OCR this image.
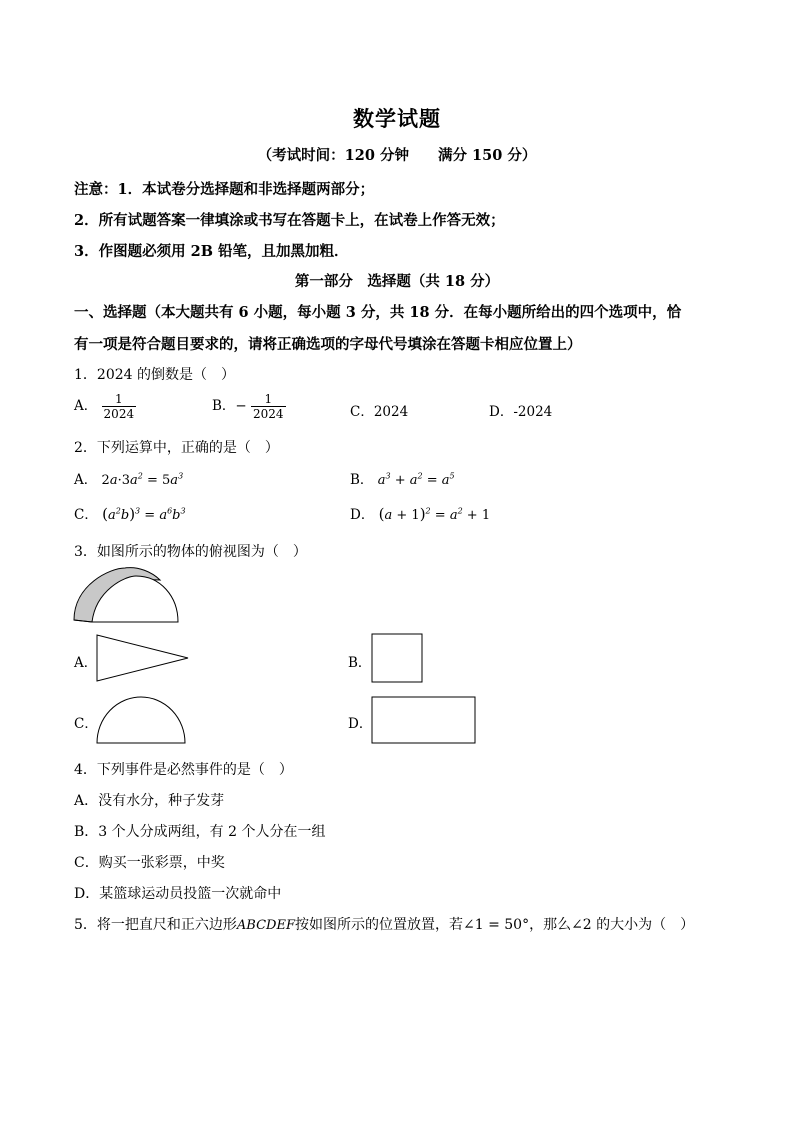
数学试题
（考试时间：120 分钟　　满分 150 分）
注意：1．本试卷分选择题和非选择题两部分；
2．所有试题答案一律填涂或书写在答题卡上，在试卷上作答无效；
3．作图题必须用 2B 铅笔，且加黑加粗．
第一部分　选择题（共 18 分）
一、选择题（本大题共有 6 小题，每小题 3 分，共 18 分．在每小题所给出的四个选项中，恰
有一项是符合题目要求的，请将正确选项的字母代号填涂在答题卡相应位置上）
1．2024 的倒数是（　）
A． $\frac{1}{2024}$	B．− $\frac{1}{2024}$	C．2024	D．-2024
2．下列运算中，正确的是（　）
A． $2a\cdot 3a^2 = 5a^3$	B． $a^3 + a^2 = a^5$
C． $(a^2b)^3 = a^6b^3$	D． $(a + 1)^2 = a^2 + 1$
3．如图所示的物体的俯视图为（　）
A．	B．
C．	D．
4．下列事件是必然事件的是（　）
A．没有水分，种子发芽
B．3 个人分成两组，有 2 个人分在一组
C．购买一张彩票，中奖
D．某篮球运动员投篮一次就命中
5．将一把直尺和正六边形ABCDEF按如图所示的位置放置，若∠1 = 50°，那么∠2 的大小为（　）
